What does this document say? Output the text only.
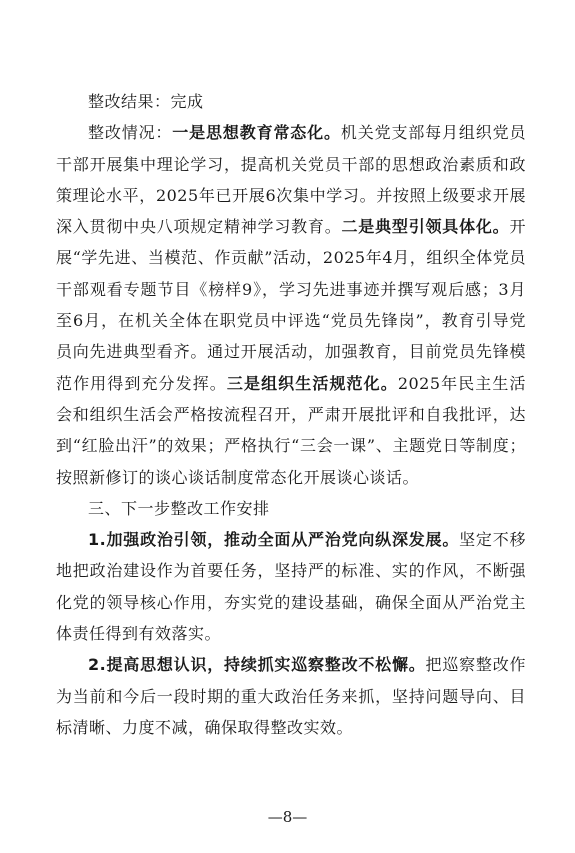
整改结果：完成

整改情况：一是思想教育常态化。机关党支部每月组织党员干部开展集中理论学习，提高机关党员干部的思想政治素质和政策理论水平，2025年已开展6次集中学习。并按照上级要求开展深入贯彻中央八项规定精神学习教育。二是典型引领具体化。开展“学先进、当模范、作贡献”活动，2025年4月，组织全体党员干部观看专题节目《榜样9》，学习先进事迹并撰写观后感；3月至6月，在机关全体在职党员中评选“党员先锋岗”，教育引导党员向先进典型看齐。通过开展活动，加强教育，目前党员先锋模范作用得到充分发挥。三是组织生活规范化。2025年民主生活会和组织生活会严格按流程召开，严肃开展批评和自我批评，达到“红脸出汗”的效果；严格执行“三会一课”、主题党日等制度；按照新修订的谈心谈话制度常态化开展谈心谈话。

三、下一步整改工作安排

1.加强政治引领，推动全面从严治党向纵深发展。坚定不移地把政治建设作为首要任务，坚持严的标准、实的作风，不断强化党的领导核心作用，夯实党的建设基础，确保全面从严治党主体责任得到有效落实。

2.提高思想认识，持续抓实巡察整改不松懈。把巡察整改作为当前和今后一段时期的重大政治任务来抓，坚持问题导向、目标清晰、力度不减，确保取得整改实效。

—8—
